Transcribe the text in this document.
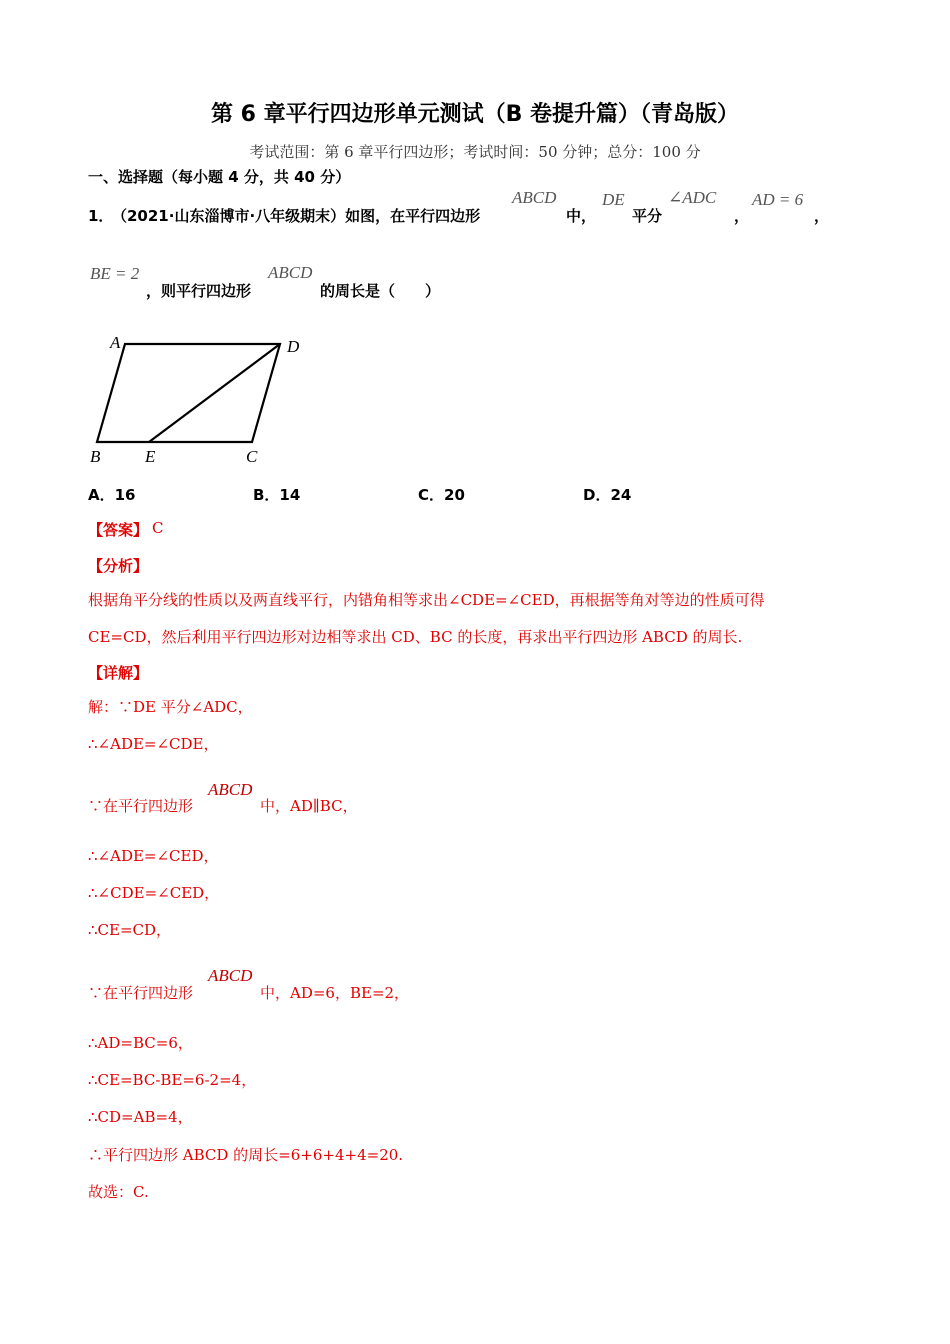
第 6 章平行四边形单元测试（B 卷提升篇）（青岛版）
考试范围：第 6 章平行四边形；考试时间：50 分钟；总分：100 分
一、选择题（每小题 4 分，共 40 分）
1．
（2021·山东淄博市·八年级期末）如图，在平行四边形
ABCD
中，
DE
平分
∠ADC
，
AD = 6
，
BE = 2
，则平行四边形
ABCD
的周长是（　　）
A	D
B	E	C
A．16	B．14	C．20	D．24
【答案】 C
【分析】
根据角平分线的性质以及两直线平行，内错角相等求出∠CDE=∠CED，再根据等角对等边的性质可得
CE=CD，然后利用平行四边形对边相等求出 CD、BC 的长度，再求出平行四边形 ABCD 的周长.
【详解】
解：∵DE 平分∠ADC，
∴∠ADE=∠CDE，
∵在平行四边形
ABCD
中，AD∥BC，
∴∠ADE=∠CED，
∴∠CDE=∠CED，
∴CE=CD，
∵在平行四边形
ABCD
中，AD=6，BE=2，
∴AD=BC=6，
∴CE=BC-BE=6-2=4，
∴CD=AB=4，
∴平行四边形 ABCD 的周长=6+6+4+4=20.
故选：C.
